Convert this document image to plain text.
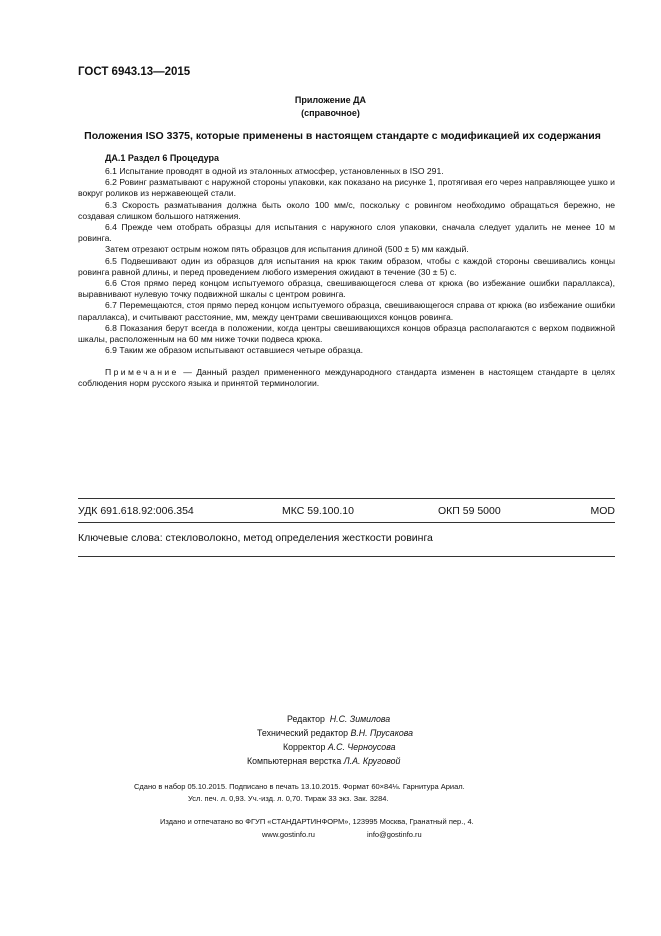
ГОСТ 6943.13—2015
Приложение ДА
(справочное)
Положения ISO 3375, которые применены в настоящем стандарте с модификацией их содержания
ДА.1 Раздел 6 Процедура

6.1 Испытание проводят в одной из эталонных атмосфер, установленных в ISO 291.

6.2 Ровинг разматывают с наружной стороны упаковки, как показано на рисунке 1, протягивая его через направляющее ушко и вокруг роликов из нержавеющей стали.

6.3 Скорость разматывания должна быть около 100 мм/с, поскольку с ровингом необходимо обращаться бережно, не создавая слишком большого натяжения.

6.4 Прежде чем отобрать образцы для испытания с наружного слоя упаковки, сначала следует удалить не менее 10 м ровинга.

Затем отрезают острым ножом пять образцов для испытания длиной (500 ± 5) мм каждый.

6.5 Подвешивают один из образцов для испытания на крюк таким образом, чтобы с каждой стороны свешивались концы ровинга равной длины, и перед проведением любого измерения ожидают в течение (30 ± 5) с.

6.6 Стоя прямо перед концом испытуемого образца, свешивающегося слева от крюка (во избежание ошибки параллакса), выравнивают нулевую точку подвижной шкалы с центром ровинга.

6.7 Перемещаются, стоя прямо перед концом испытуемого образца, свешивающегося справа от крюка (во избежание ошибки параллакса), и считывают расстояние, мм, между центрами свешивающихся концов ровинга.

6.8 Показания берут всегда в положении, когда центры свешивающихся концов образца располагаются с верхом подвижной шкалы, расположенным на 60 мм ниже точки подвеса крюка.

6.9 Таким же образом испытывают оставшиеся четыре образца.

Примечание — Данный раздел примененного международного стандарта изменен в настоящем стандарте в целях соблюдения норм русского языка и принятой терминологии.

УДК 691.618.92:006.354	МКС 59.100.10	ОКП 59 5000	MOD
Ключевые слова: стекловолокно, метод определения жесткости ровинга
Редактор Н.С. Зимилова
Технический редактор В.Н. Прусакова
Корректор А.С. Черноусова
Компьютерная верстка Л.А. Круговой
Сдано в набор 05.10.2015. Подписано в печать 13.10.2015. Формат 60×84⅛. Гарнитура Ариал.
Усл. печ. л. 0,93. Уч.-изд. л. 0,70. Тираж 33 экз. Зак. 3284.
Издано и отпечатано во ФГУП «СТАНДАРТИНФОРМ», 123995 Москва, Гранатный пер., 4.
www.gostinfo.ru	info@gostinfo.ru
